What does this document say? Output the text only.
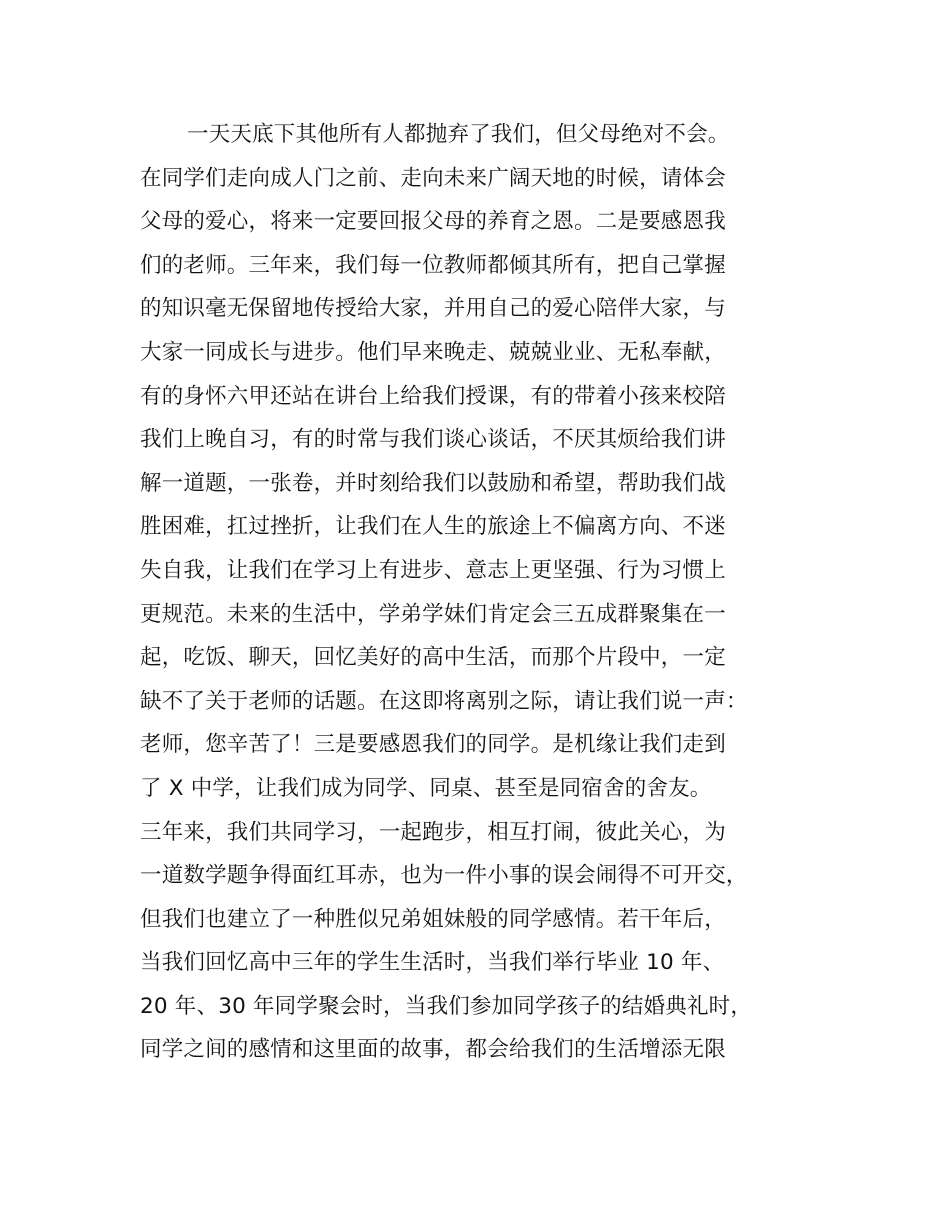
一天天底下其他所有人都抛弃了我们，但父母绝对不会。
在同学们走向成人门之前、走向未来广阔天地的时候，请体会
父母的爱心，将来一定要回报父母的养育之恩。二是要感恩我
们的老师。三年来，我们每一位教师都倾其所有，把自己掌握
的知识毫无保留地传授给大家，并用自己的爱心陪伴大家，与
大家一同成长与进步。他们早来晚走、兢兢业业、无私奉献，
有的身怀六甲还站在讲台上给我们授课，有的带着小孩来校陪
我们上晚自习，有的时常与我们谈心谈话，不厌其烦给我们讲
解一道题，一张卷，并时刻给我们以鼓励和希望，帮助我们战
胜困难，扛过挫折，让我们在人生的旅途上不偏离方向、不迷
失自我，让我们在学习上有进步、意志上更坚强、行为习惯上
更规范。未来的生活中，学弟学妹们肯定会三五成群聚集在一
起，吃饭、聊天，回忆美好的高中生活，而那个片段中，一定
缺不了关于老师的话题。在这即将离别之际，请让我们说一声：
老师，您辛苦了！三是要感恩我们的同学。是机缘让我们走到
了 X 中学，让我们成为同学、同桌、甚至是同宿舍的舍友。
三年来，我们共同学习，一起跑步，相互打闹，彼此关心，为
一道数学题争得面红耳赤，也为一件小事的误会闹得不可开交，
但我们也建立了一种胜似兄弟姐妹般的同学感情。若干年后，
当我们回忆高中三年的学生生活时，当我们举行毕业 10 年、
20 年、30 年同学聚会时，当我们参加同学孩子的结婚典礼时，
同学之间的感情和这里面的故事，都会给我们的生活增添无限
